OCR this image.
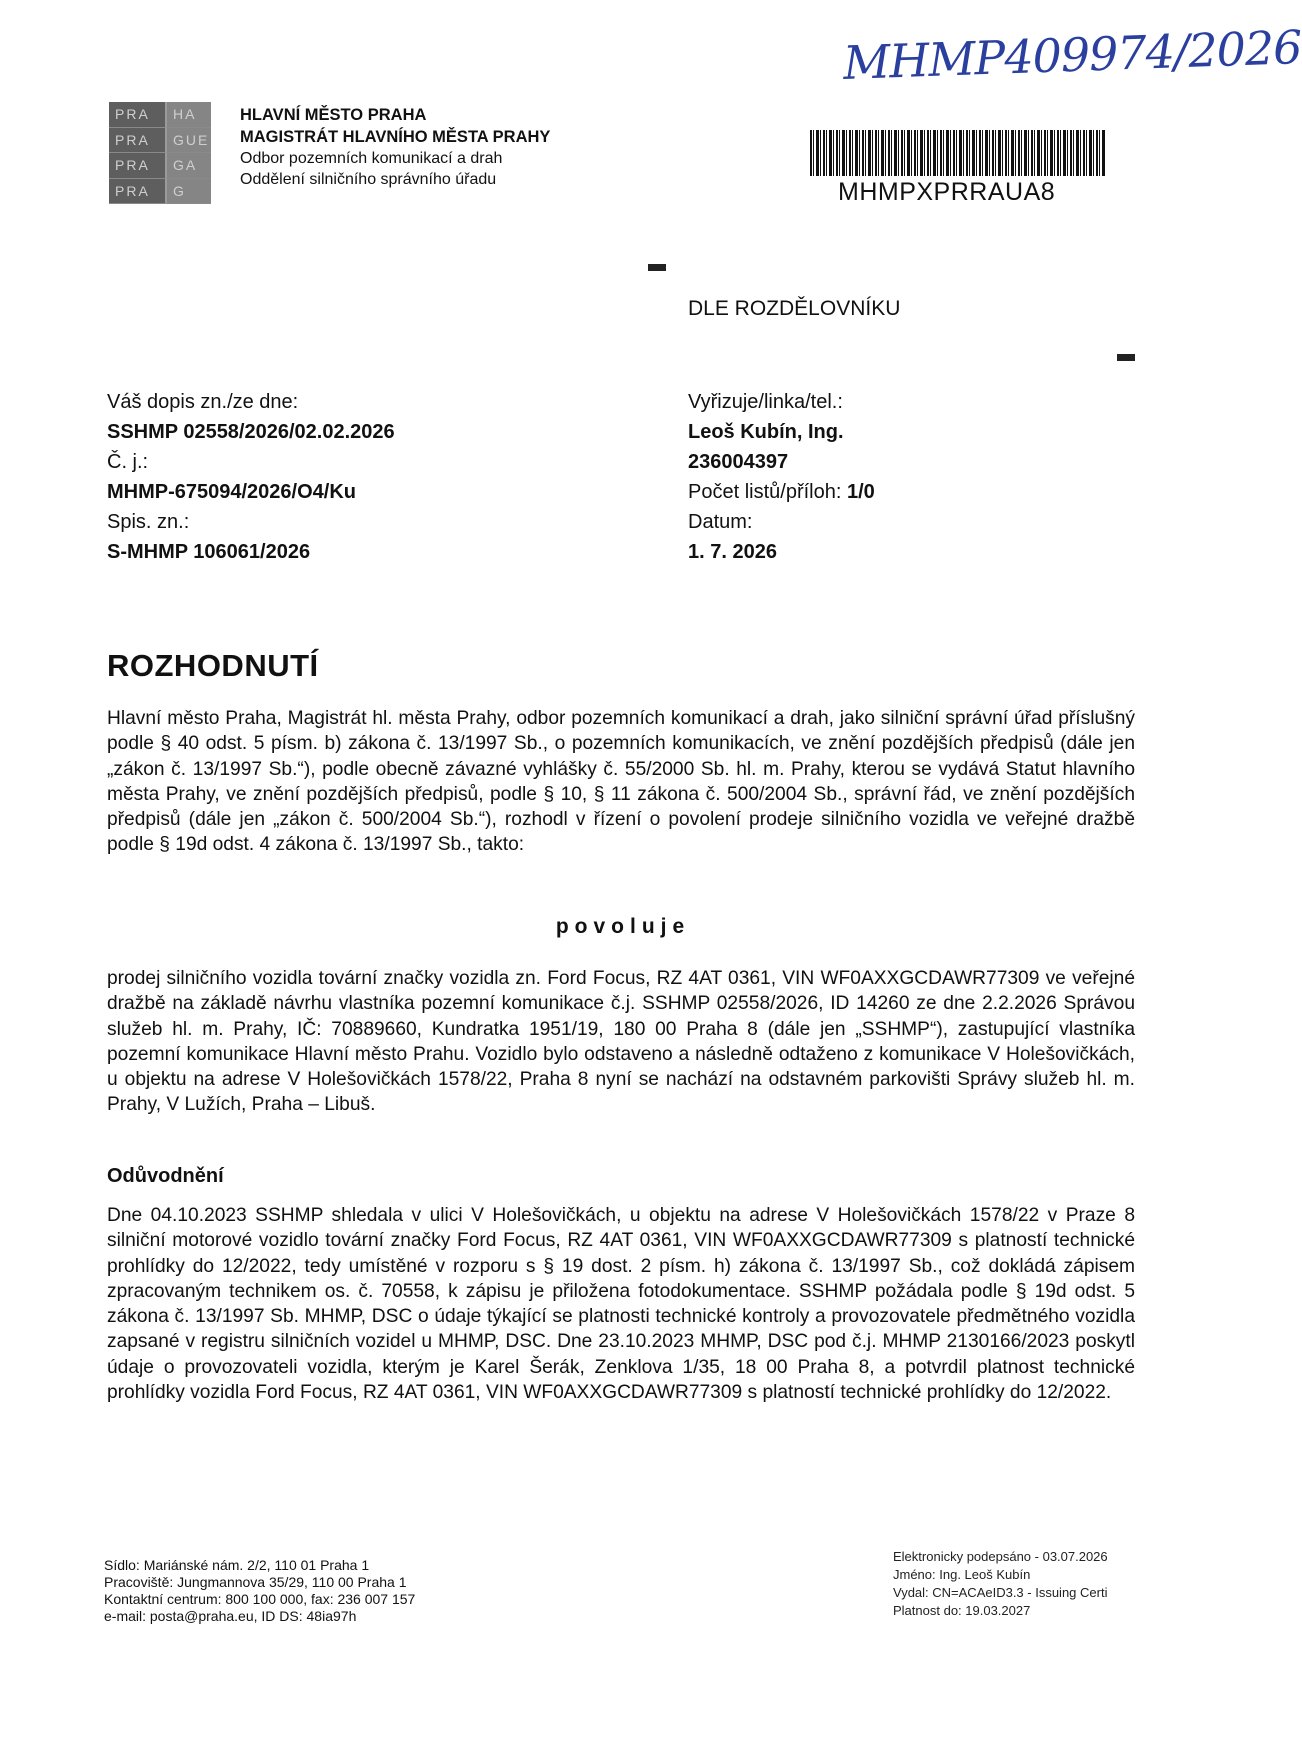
PRA	HA
PRA	GUE
PRA	GA
PRA	G
HLAVNÍ MĚSTO PRAHA
MAGISTRÁT HLAVNÍHO MĚSTA PRAHY
Odbor pozemních komunikací a drah
Oddělení silničního správního úřadu
MHMP409974/2026
MHMPXPRRAUA8
DLE ROZDĚLOVNÍKU
Váš dopis zn./ze dne:
SSHMP 02558/2026/02.02.2026
Č. j.:
MHMP-675094/2026/O4/Ku
Spis. zn.:
S-MHMP 106061/2026
Vyřizuje/linka/tel.:
Leoš Kubín, Ing.
236004397
Počet listů/příloh: 1/0
Datum:
1. 7. 2026
ROZHODNUTÍ

Hlavní město Praha, Magistrát hl. města Prahy, odbor pozemních komunikací a drah, jako silniční správní úřad příslušný podle § 40 odst. 5 písm. b) zákona č. 13/1997 Sb., o pozemních komunikacích, ve znění pozdějších předpisů (dále jen „zákon č. 13/1997 Sb.“), podle obecně závazné vyhlášky č. 55/2000 Sb. hl. m. Prahy, kterou se vydává Statut hlavního města Prahy, ve znění pozdějších předpisů, podle § 10, § 11 zákona č. 500/2004 Sb., správní řád, ve znění pozdějších předpisů (dále jen „zákon č. 500/2004 Sb.“), rozhodl v řízení o povolení prodeje silničního vozidla ve veřejné dražbě podle § 19d odst. 4 zákona č. 13/1997 Sb., takto:

povoluje

prodej silničního vozidla tovární značky vozidla zn. Ford Focus, RZ 4AT 0361, VIN WF0AXXGCDAWR77309 ve veřejné dražbě na základě návrhu vlastníka pozemní komunikace č.j. SSHMP 02558/2026, ID 14260 ze dne 2.2.2026 Správou služeb hl. m. Prahy, IČ: 70889660, Kundratka 1951/19, 180 00 Praha 8 (dále jen „SSHMP“), zastupující vlastníka pozemní komunikace Hlavní město Prahu. Vozidlo bylo odstaveno a následně odtaženo z komunikace V Holešovičkách, u objektu na adrese V Holešovičkách 1578/22, Praha 8 nyní se nachází na odstavném parkovišti Správy služeb hl. m. Prahy, V Lužích, Praha – Libuš.

Odůvodnění

Dne 04.10.2023 SSHMP shledala v ulici V Holešovičkách, u objektu na adrese V Holešovičkách 1578/22 v Praze 8 silniční motorové vozidlo tovární značky Ford Focus, RZ 4AT 0361, VIN WF0AXXGCDAWR77309 s platností technické prohlídky do 12/2022, tedy umístěné v rozporu s § 19 dost. 2 písm. h) zákona č. 13/1997 Sb., což dokládá zápisem zpracovaným technikem os. č. 70558, k zápisu je přiložena fotodokumentace. SSHMP požádala podle § 19d odst. 5 zákona č. 13/1997 Sb. MHMP, DSC o údaje týkající se platnosti technické kontroly a provozovatele předmětného vozidla zapsané v registru silničních vozidel u MHMP, DSC. Dne 23.10.2023 MHMP, DSC pod č.j. MHMP 2130166/2023 poskytl údaje o provozovateli vozidla, kterým je Karel Šerák, Zenklova 1/35, 18 00 Praha 8, a potvrdil platnost technické prohlídky vozidla Ford Focus, RZ 4AT 0361, VIN WF0AXXGCDAWR77309 s platností technické prohlídky do 12/2022.

Sídlo: Mariánské nám. 2/2, 110 01 Praha 1
Pracoviště: Jungmannova 35/29, 110 00 Praha 1
Kontaktní centrum: 800 100 000, fax: 236 007 157
e-mail: posta@praha.eu, ID DS: 48ia97h
Elektronicky podepsáno - 03.07.2026
Jméno: Ing. Leoš Kubín
Vydal: CN=ACAeID3.3 - Issuing Certi
Platnost do: 19.03.2027
